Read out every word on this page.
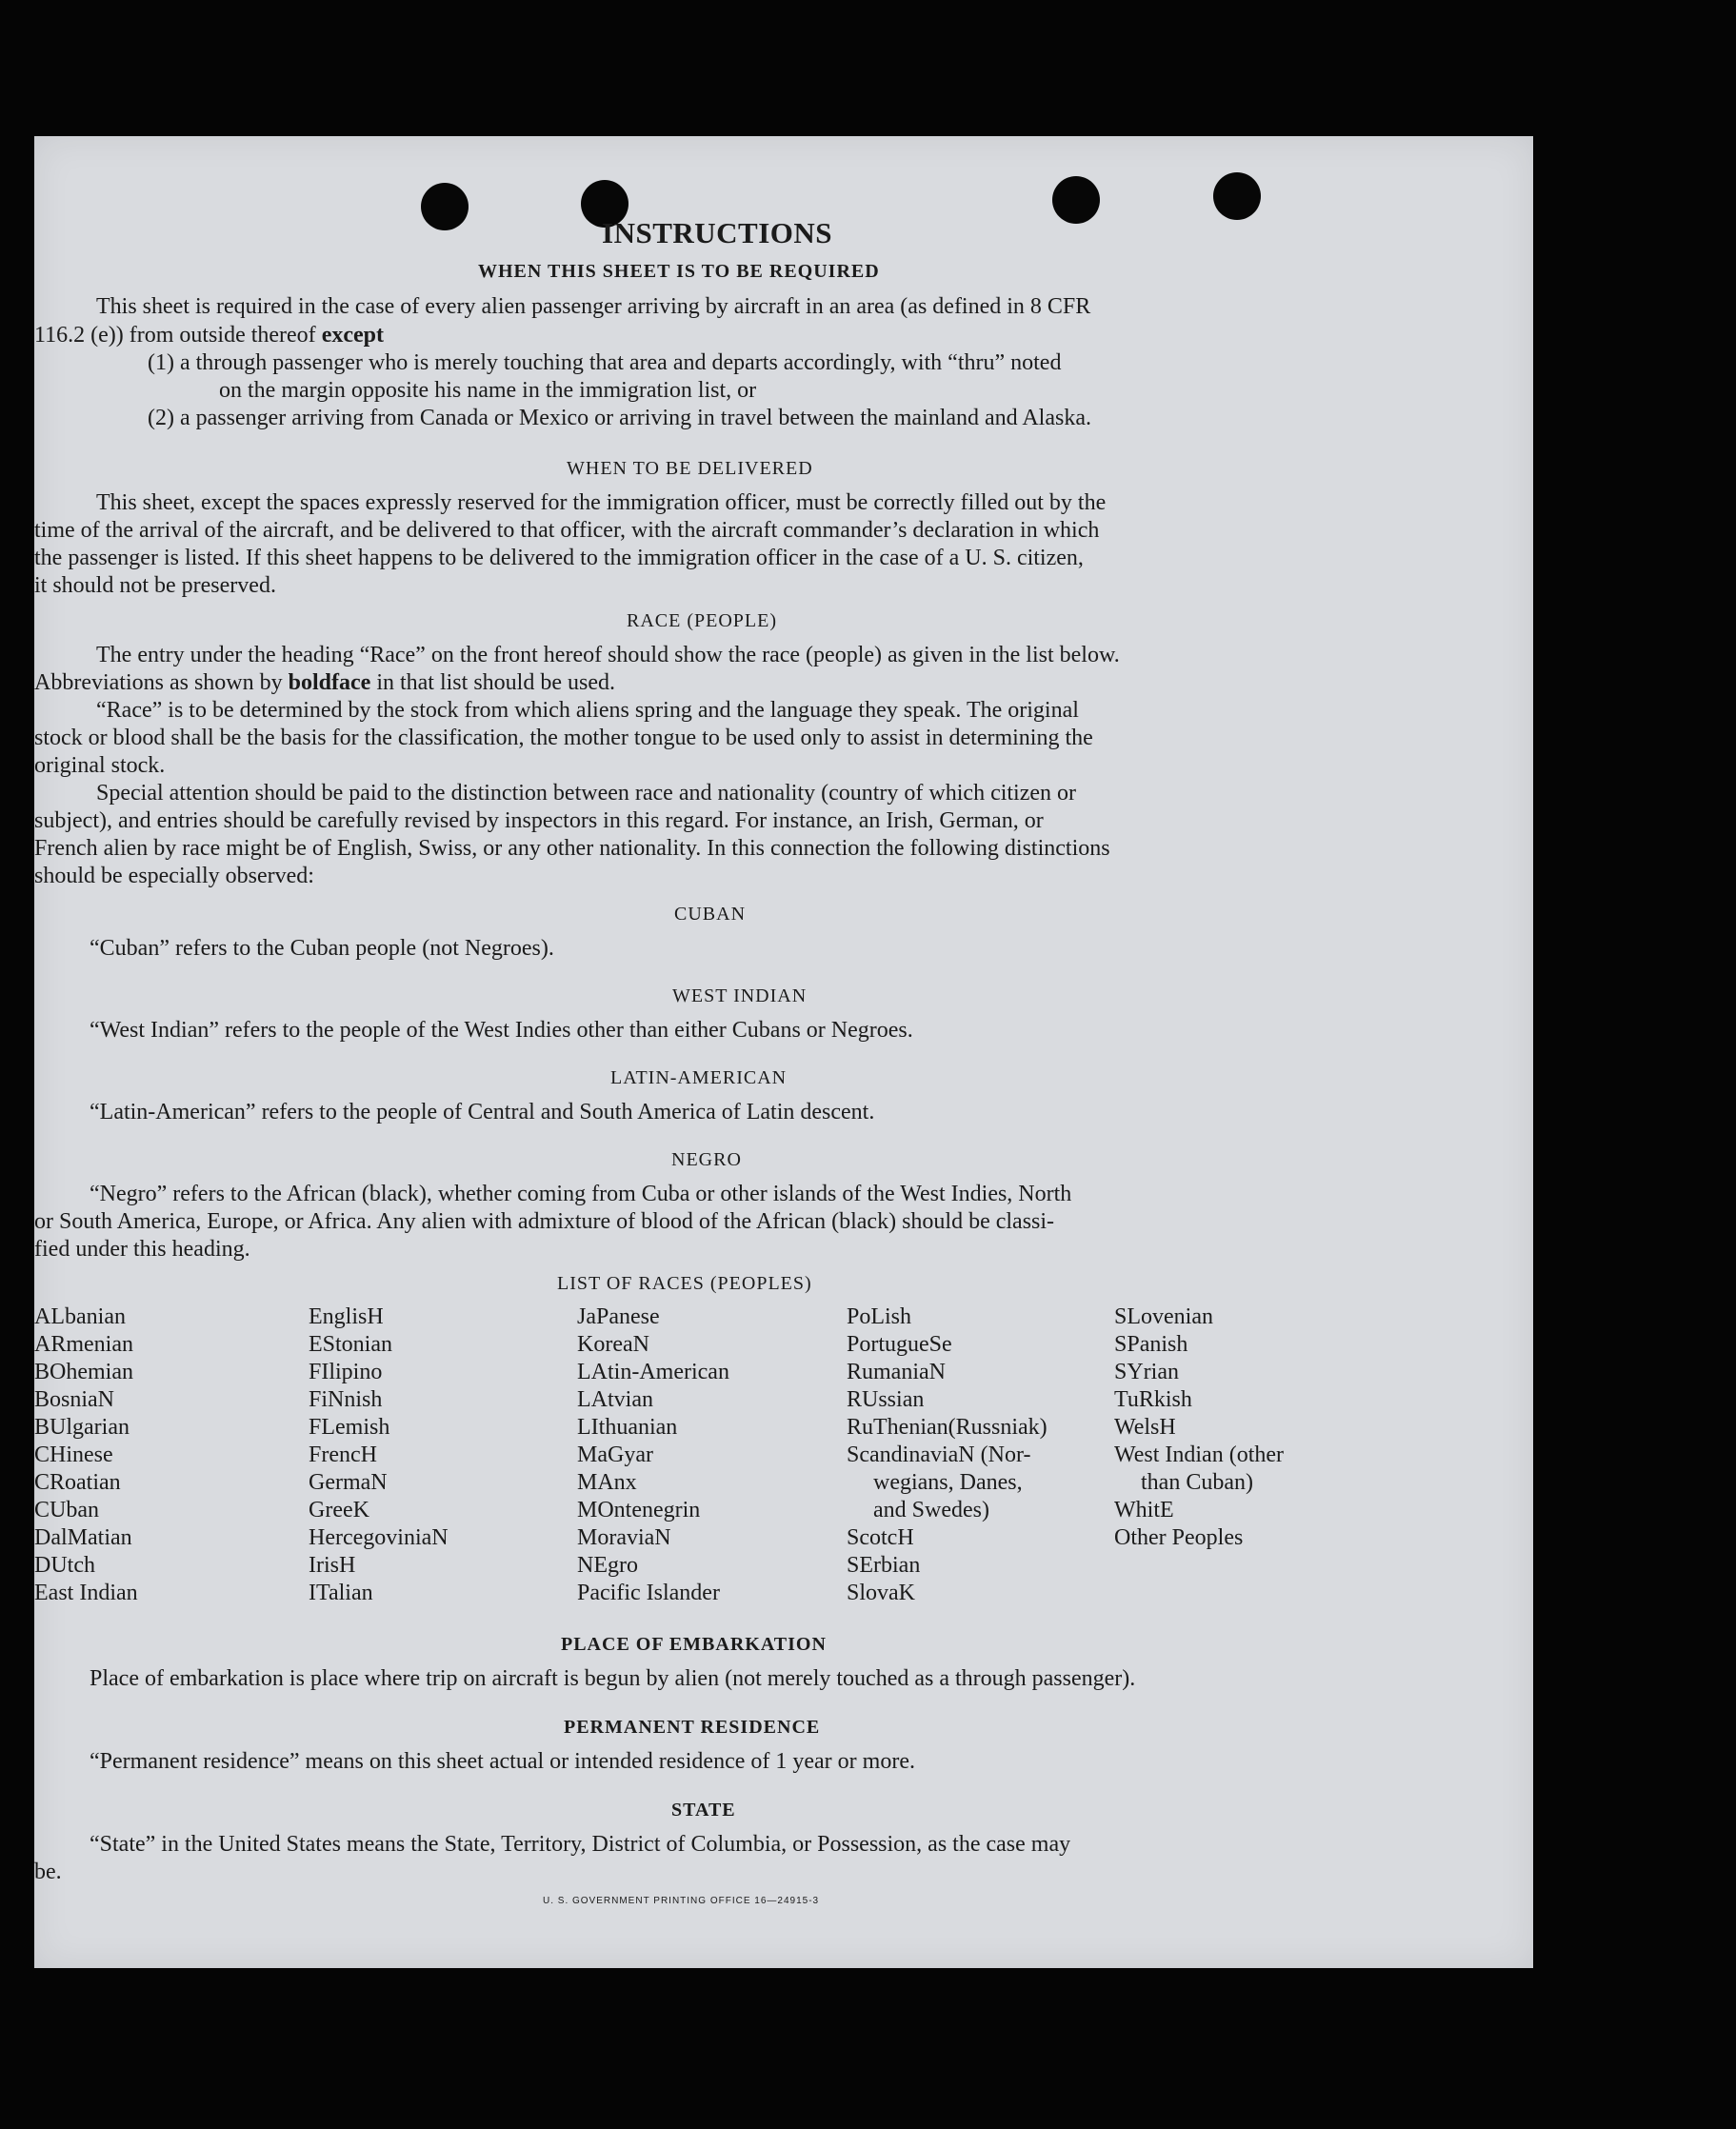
INSTRUCTIONS
WHEN THIS SHEET IS TO BE REQUIRED
This sheet is required in the case of every alien passenger arriving by aircraft in an area (as defined in 8 CFR
116.2 (e)) from outside thereof except
(1) a through passenger who is merely touching that area and departs accordingly, with “thru” noted
on the margin opposite his name in the immigration list, or
(2) a passenger arriving from Canada or Mexico or arriving in travel between the mainland and Alaska.
WHEN TO BE DELIVERED
This sheet, except the spaces expressly reserved for the immigration officer, must be correctly filled out by the
time of the arrival of the aircraft, and be delivered to that officer, with the aircraft commander’s declaration in which
the passenger is listed. If this sheet happens to be delivered to the immigration officer in the case of a U. S. citizen,
it should not be preserved.
RACE (PEOPLE)
The entry under the heading “Race” on the front hereof should show the race (people) as given in the list below.
Abbreviations as shown by boldface in that list should be used.
“Race” is to be determined by the stock from which aliens spring and the language they speak. The original
stock or blood shall be the basis for the classification, the mother tongue to be used only to assist in determining the
original stock.
Special attention should be paid to the distinction between race and nationality (country of which citizen or
subject), and entries should be carefully revised by inspectors in this regard. For instance, an Irish, German, or
French alien by race might be of English, Swiss, or any other nationality. In this connection the following distinctions
should be especially observed:
CUBAN
“Cuban” refers to the Cuban people (not Negroes).
WEST INDIAN
“West Indian” refers to the people of the West Indies other than either Cubans or Negroes.
LATIN-AMERICAN
“Latin-American” refers to the people of Central and South America of Latin descent.
NEGRO
“Negro” refers to the African (black), whether coming from Cuba or other islands of the West Indies, North
or South America, Europe, or Africa. Any alien with admixture of blood of the African (black) should be classi-
fied under this heading.
LIST OF RACES (PEOPLES)
ALbanian
ARmenian
BOhemian
BosniaN
BUlgarian
CHinese
CRoatian
CUban
DalMatian
DUtch
East Indian
EnglisH
EStonian
FIlipino
FiNnish
FLemish
FrencH
GermaN
GreeK
HercegoviniaN
IrisH
ITalian
JaPanese
KoreaN
LAtin-American
LAtvian
LIthuanian
MaGyar
MAnx
MOntenegrin
MoraviaN
NEgro
Pacific Islander
PoLish
PortugueSe
RumaniaN
RUssian
RuThenian(Russniak)
ScandinaviaN (Nor-
wegians, Danes,
and Swedes)
ScotcH
SErbian
SlovaK
SLovenian
SPanish
SYrian
TuRkish
WelsH
West Indian (other
than Cuban)
WhitE
Other Peoples
PLACE OF EMBARKATION
Place of embarkation is place where trip on aircraft is begun by alien (not merely touched as a through passenger).
PERMANENT RESIDENCE
“Permanent residence” means on this sheet actual or intended residence of 1 year or more.
STATE
“State” in the United States means the State, Territory, District of Columbia, or Possession, as the case may
be.
U. S. GOVERNMENT PRINTING OFFICE 16—24915-3
